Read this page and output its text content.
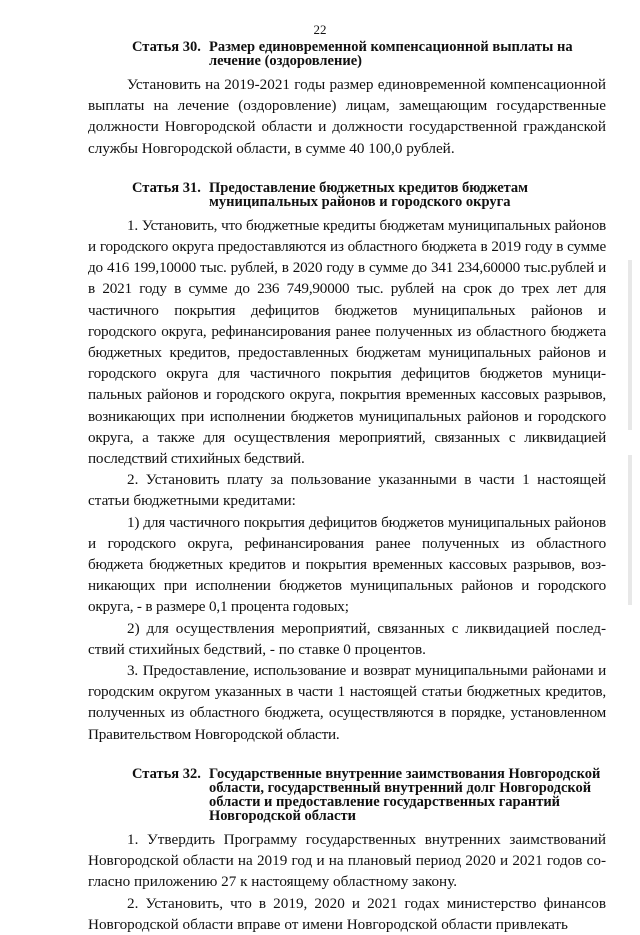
22
Статья 30. Размер единовременной компенсационной выплаты на лечение (оздоровление)

Установить на 2019-2021 годы размер единовременной компенсационной выплаты на лечение (оздоровление) лицам, замещающим государственные должности Новгородской области и должности государственной гражданской службы Новгородской области, в сумме 40 100,0 рублей.

Статья 31. Предоставление бюджетных кредитов бюджетам муниципальных районов и городского округа

1. Установить, что бюджетные кредиты бюджетам муниципальных районов и городского округа предоставляются из областного бюджета в 2019 году в сумме до 416 199,10000 тыс. рублей, в 2020 году в сумме до 341 234,60000 тыс.рублей и в 2021 году в сумме до 236 749,90000 тыс. рублей на срок до трех лет для частичного покрытия дефицитов бюджетов муниципальных районов и городского округа, рефинансирования ранее полученных из областного бюджета бюджетных кредитов, предоставленных бюджетам муниципальных районов и городского округа для частичного покрытия дефицитов бюджетов муниципальных районов и городского округа, покрытия временных кассовых разрывов, возникающих при исполнении бюджетов муниципальных районов и городского округа, а также для осуществления мероприятий, связанных с ликвидацией последствий стихийных бедствий.

2. Установить плату за пользование указанными в части 1 настоящей статьи бюджетными кредитами:

1) для частичного покрытия дефицитов бюджетов муниципальных районов и городского округа, рефинансирования ранее полученных из областного бюджета бюджетных кредитов и покрытия временных кассовых разрывов, возникающих при исполнении бюджетов муниципальных районов и городского округа, - в размере 0,1 процента годовых;

2) для осуществления мероприятий, связанных с ликвидацией последствий стихийных бедствий, - по ставке 0 процентов.

3. Предоставление, использование и возврат муниципальными районами и городским округом указанных в части 1 настоящей статьи бюджетных кредитов, полученных из областного бюджета, осуществляются в порядке, установленном Правительством Новгородской области.

Статья 32. Государственные внутренние заимствования Новгородской области, государственный внутренний долг Новгородской области и предоставление государственных гарантий Новгородской области

1. Утвердить Программу государственных внутренних заимствований Новгородской области на 2019 год и на плановый период 2020 и 2021 годов согласно приложению 27 к настоящему областному закону.

2. Установить, что в 2019, 2020 и 2021 годах министерство финансов Новгородской области вправе от имени Новгородской области привлекать
